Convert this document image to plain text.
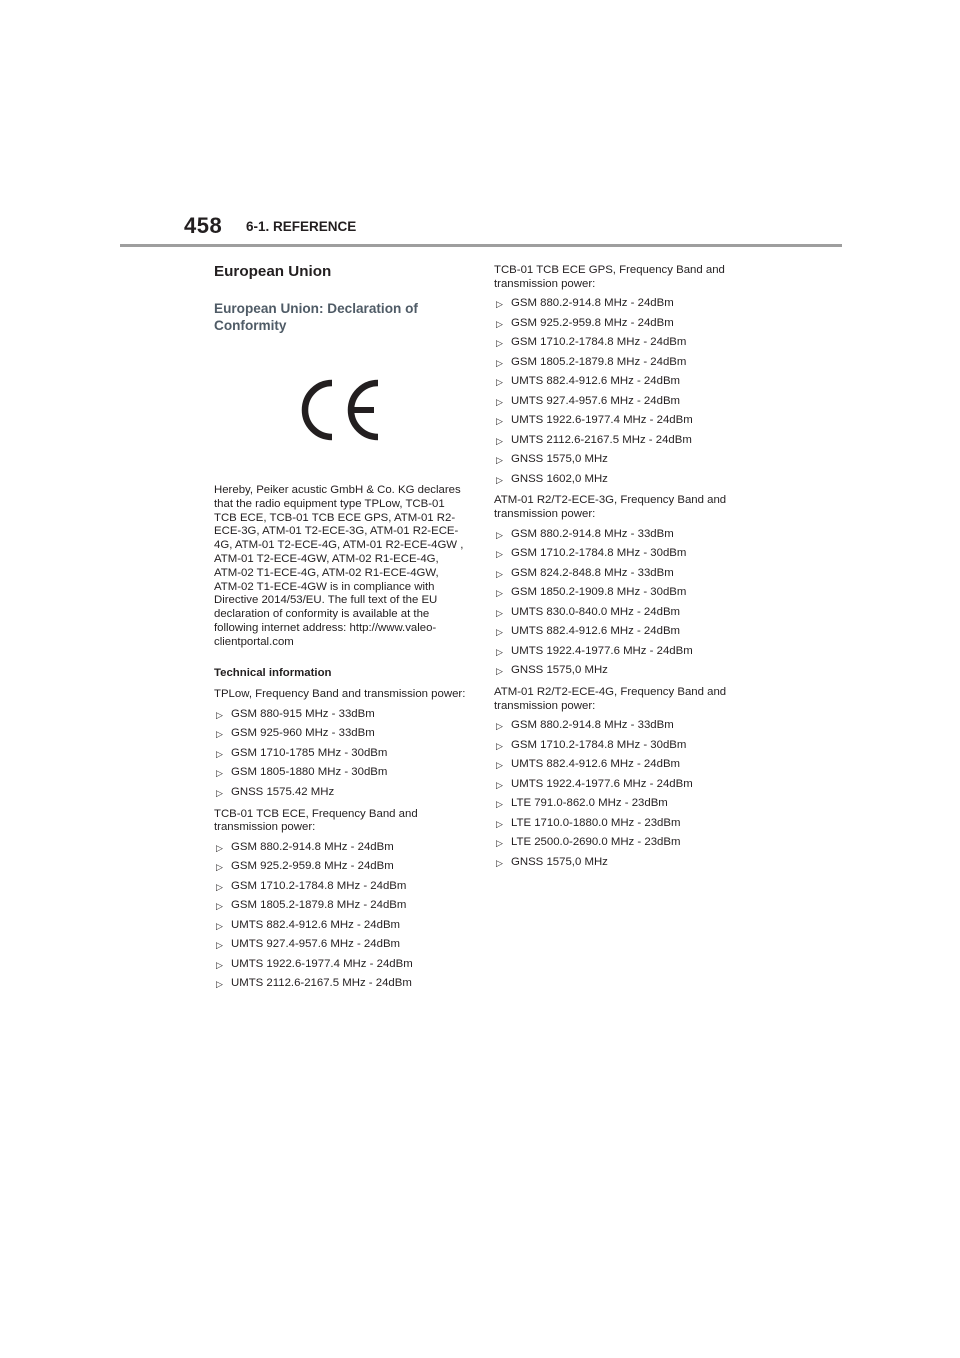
458 6-1. REFERENCE
European Union
European Union: Declaration of Conformity

Hereby, Peiker acustic GmbH & Co. KG declares that the radio equipment type TPLow, TCB-01 TCB ECE, TCB-01 TCB ECE GPS, ATM-01 R2-ECE-3G, ATM-01 T2-ECE-3G, ATM-01 R2-ECE-4G, ATM-01 T2-ECE-4G, ATM-01 R2-ECE-4GW , ATM-01 T2-ECE-4GW, ATM-02 R1-ECE-4G, ATM-02 T1-ECE-4G, ATM-02 R1-ECE-4GW, ATM-02 T1-ECE-4GW is in compliance with Directive 2014/53/EU. The full text of the EU declaration of conformity is available at the following internet address: http://www.valeo-clientportal.com

Technical information

TPLow, Frequency Band and transmission power:

▷ GSM 880-915 MHz - 33dBm
▷ GSM 925-960 MHz - 33dBm
▷ GSM 1710-1785 MHz - 30dBm
▷ GSM 1805-1880 MHz - 30dBm
▷ GNSS 1575.42 MHz

TCB-01 TCB ECE, Frequency Band and transmission power:

▷ GSM 880.2-914.8 MHz - 24dBm
▷ GSM 925.2-959.8 MHz - 24dBm
▷ GSM 1710.2-1784.8 MHz - 24dBm
▷ GSM 1805.2-1879.8 MHz - 24dBm
▷ UMTS 882.4-912.6 MHz - 24dBm
▷ UMTS 927.4-957.6 MHz - 24dBm
▷ UMTS 1922.6-1977.4 MHz - 24dBm
▷ UMTS 2112.6-2167.5 MHz - 24dBm

TCB-01 TCB ECE GPS, Frequency Band and transmission power:

▷ GSM 880.2-914.8 MHz - 24dBm
▷ GSM 925.2-959.8 MHz - 24dBm
▷ GSM 1710.2-1784.8 MHz - 24dBm
▷ GSM 1805.2-1879.8 MHz - 24dBm
▷ UMTS 882.4-912.6 MHz - 24dBm
▷ UMTS 927.4-957.6 MHz - 24dBm
▷ UMTS 1922.6-1977.4 MHz - 24dBm
▷ UMTS 2112.6-2167.5 MHz - 24dBm
▷ GNSS 1575,0 MHz
▷ GNSS 1602,0 MHz

ATM-01 R2/T2-ECE-3G, Frequency Band and transmission power:

▷ GSM 880.2-914.8 MHz - 33dBm
▷ GSM 1710.2-1784.8 MHz - 30dBm
▷ GSM 824.2-848.8 MHz - 33dBm
▷ GSM 1850.2-1909.8 MHz - 30dBm
▷ UMTS 830.0-840.0 MHz - 24dBm
▷ UMTS 882.4-912.6 MHz - 24dBm
▷ UMTS 1922.4-1977.6 MHz - 24dBm
▷ GNSS 1575,0 MHz

ATM-01 R2/T2-ECE-4G, Frequency Band and transmission power:

▷ GSM 880.2-914.8 MHz - 33dBm
▷ GSM 1710.2-1784.8 MHz - 30dBm
▷ UMTS 882.4-912.6 MHz - 24dBm
▷ UMTS 1922.4-1977.6 MHz - 24dBm
▷ LTE 791.0-862.0 MHz - 23dBm
▷ LTE 1710.0-1880.0 MHz - 23dBm
▷ LTE 2500.0-2690.0 MHz - 23dBm
▷ GNSS 1575,0 MHz
